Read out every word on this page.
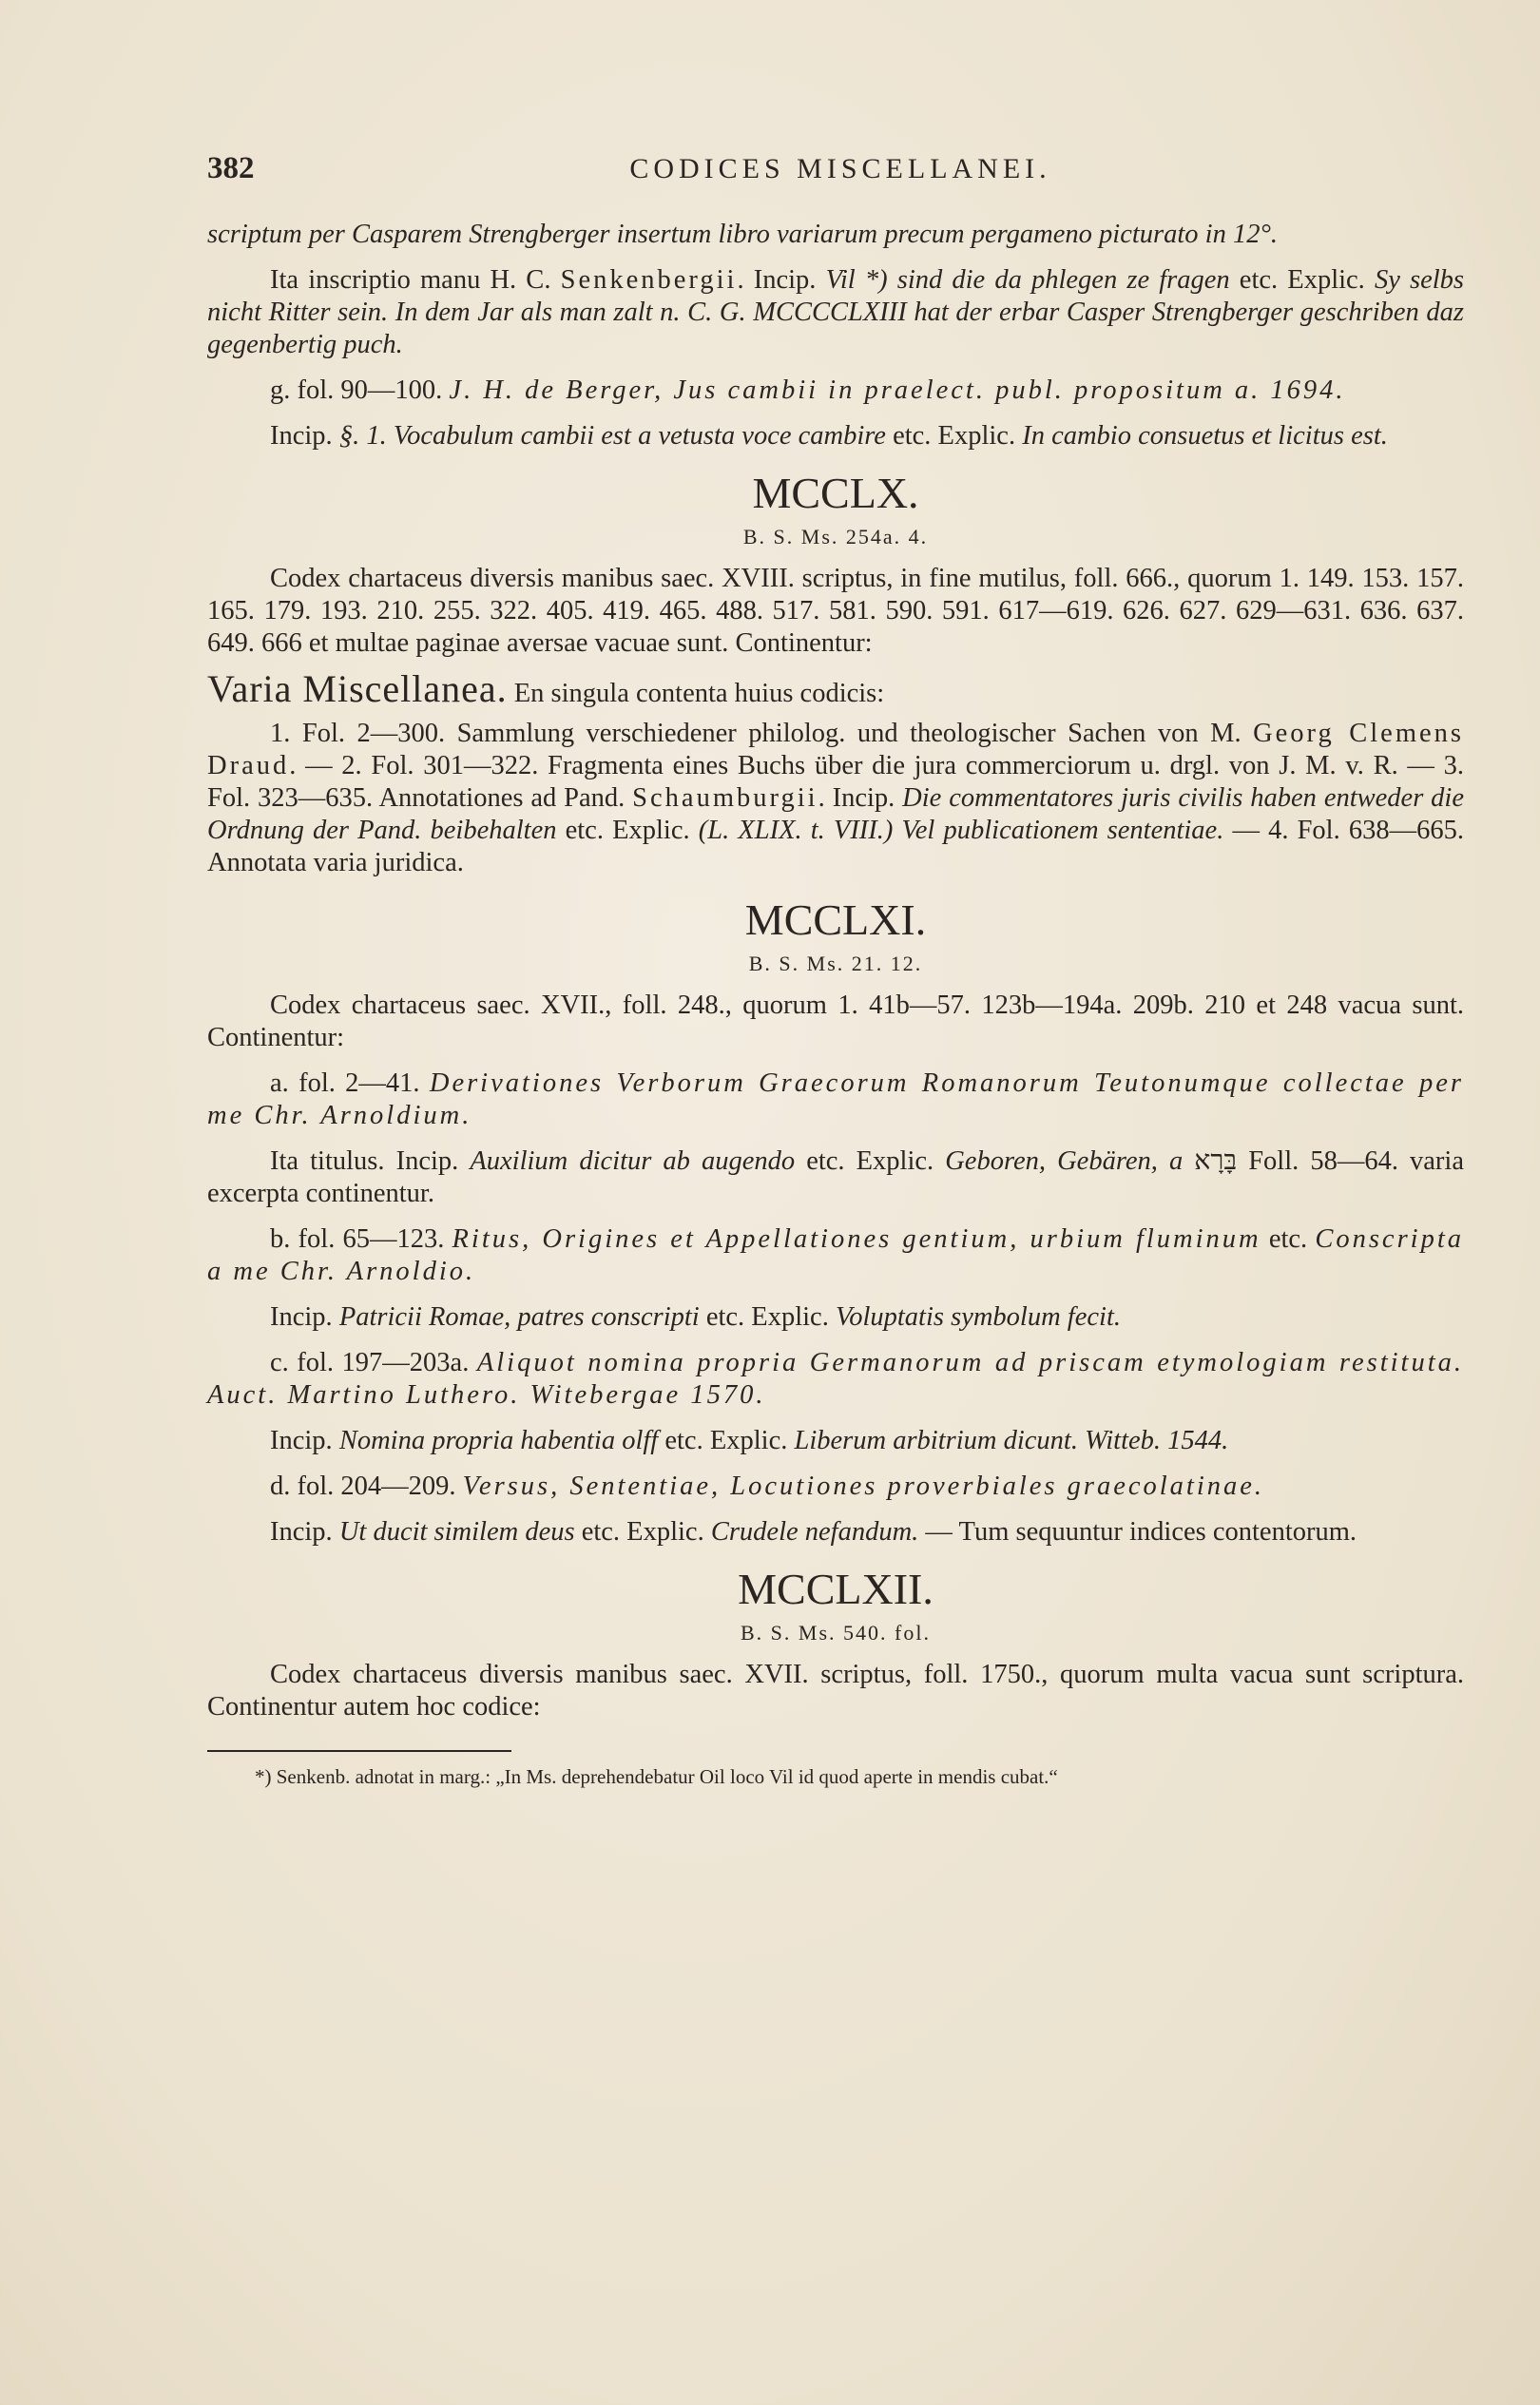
382	CODICES MISCELLANEI.

scriptum per Casparem Strengberger insertum libro variarum precum pergameno picturato in 12°.

Ita inscriptio manu H. C. Senkenbergii. Incip. Vil *) sind die da phlegen ze fragen etc. Explic. Sy selbs nicht Ritter sein. In dem Jar als man zalt n. C. G. MCCCCLXIII hat der erbar Casper Strengberger geschriben daz gegenbertig puch.

g. fol. 90—100. J. H. de Berger, Jus cambii in praelect. publ. propositum a. 1694.

Incip. §. 1. Vocabulum cambii est a vetusta voce cambire etc. Explic. In cambio consuetus et licitus est.

MCCLX.
B. S. Ms. 254a. 4.

Codex chartaceus diversis manibus saec. XVIII. scriptus, in fine mutilus, foll. 666., quorum 1. 149. 153. 157. 165. 179. 193. 210. 255. 322. 405. 419. 465. 488. 517. 581. 590. 591. 617—619. 626. 627. 629—631. 636. 637. 649. 666 et multae paginae aversae vacuae sunt. Continentur:

Varia Miscellanea. En singula contenta huius codicis:

1. Fol. 2—300. Sammlung verschiedener philolog. und theologischer Sachen von M. Georg Clemens Draud. — 2. Fol. 301—322. Fragmenta eines Buchs über die jura commerciorum u. drgl. von J. M. v. R. — 3. Fol. 323—635. Annotationes ad Pand. Schaumburgii. Incip. Die commentatores juris civilis haben entweder die Ordnung der Pand. beibehalten etc. Explic. (L. XLIX. t. VIII.) Vel publicationem sententiae. — 4. Fol. 638—665. Annotata varia juridica.

MCCLXI.
B. S. Ms. 21. 12.

Codex chartaceus saec. XVII., foll. 248., quorum 1. 41b—57. 123b—194a. 209b. 210 et 248 vacua sunt. Continentur:

a. fol. 2—41. Derivationes Verborum Graecorum Romanorum Teutonumque collectae per me Chr. Arnoldium.

Ita titulus. Incip. Auxilium dicitur ab augendo etc. Explic. Geboren, Gebären, a בָּרָא Foll. 58—64. varia excerpta continentur.

b. fol. 65—123. Ritus, Origines et Appellationes gentium, urbium fluminum etc. Conscripta a me Chr. Arnoldio.

Incip. Patricii Romae, patres conscripti etc. Explic. Voluptatis symbolum fecit.

c. fol. 197—203a. Aliquot nomina propria Germanorum ad priscam etymologiam restituta. Auct. Martino Luthero. Witebergae 1570.

Incip. Nomina propria habentia olff etc. Explic. Liberum arbitrium dicunt. Witteb. 1544.

d. fol. 204—209. Versus, Sententiae, Locutiones proverbiales graecolatinae.

Incip. Ut ducit similem deus etc. Explic. Crudele nefandum. — Tum sequuntur indices contentorum.

MCCLXII.
B. S. Ms. 540. fol.

Codex chartaceus diversis manibus saec. XVII. scriptus, foll. 1750., quorum multa vacua sunt scriptura. Continentur autem hoc codice:

*) Senkenb. adnotat in marg.: „In Ms. deprehendebatur Oil loco Vil id quod aperte in mendis cubat.“
